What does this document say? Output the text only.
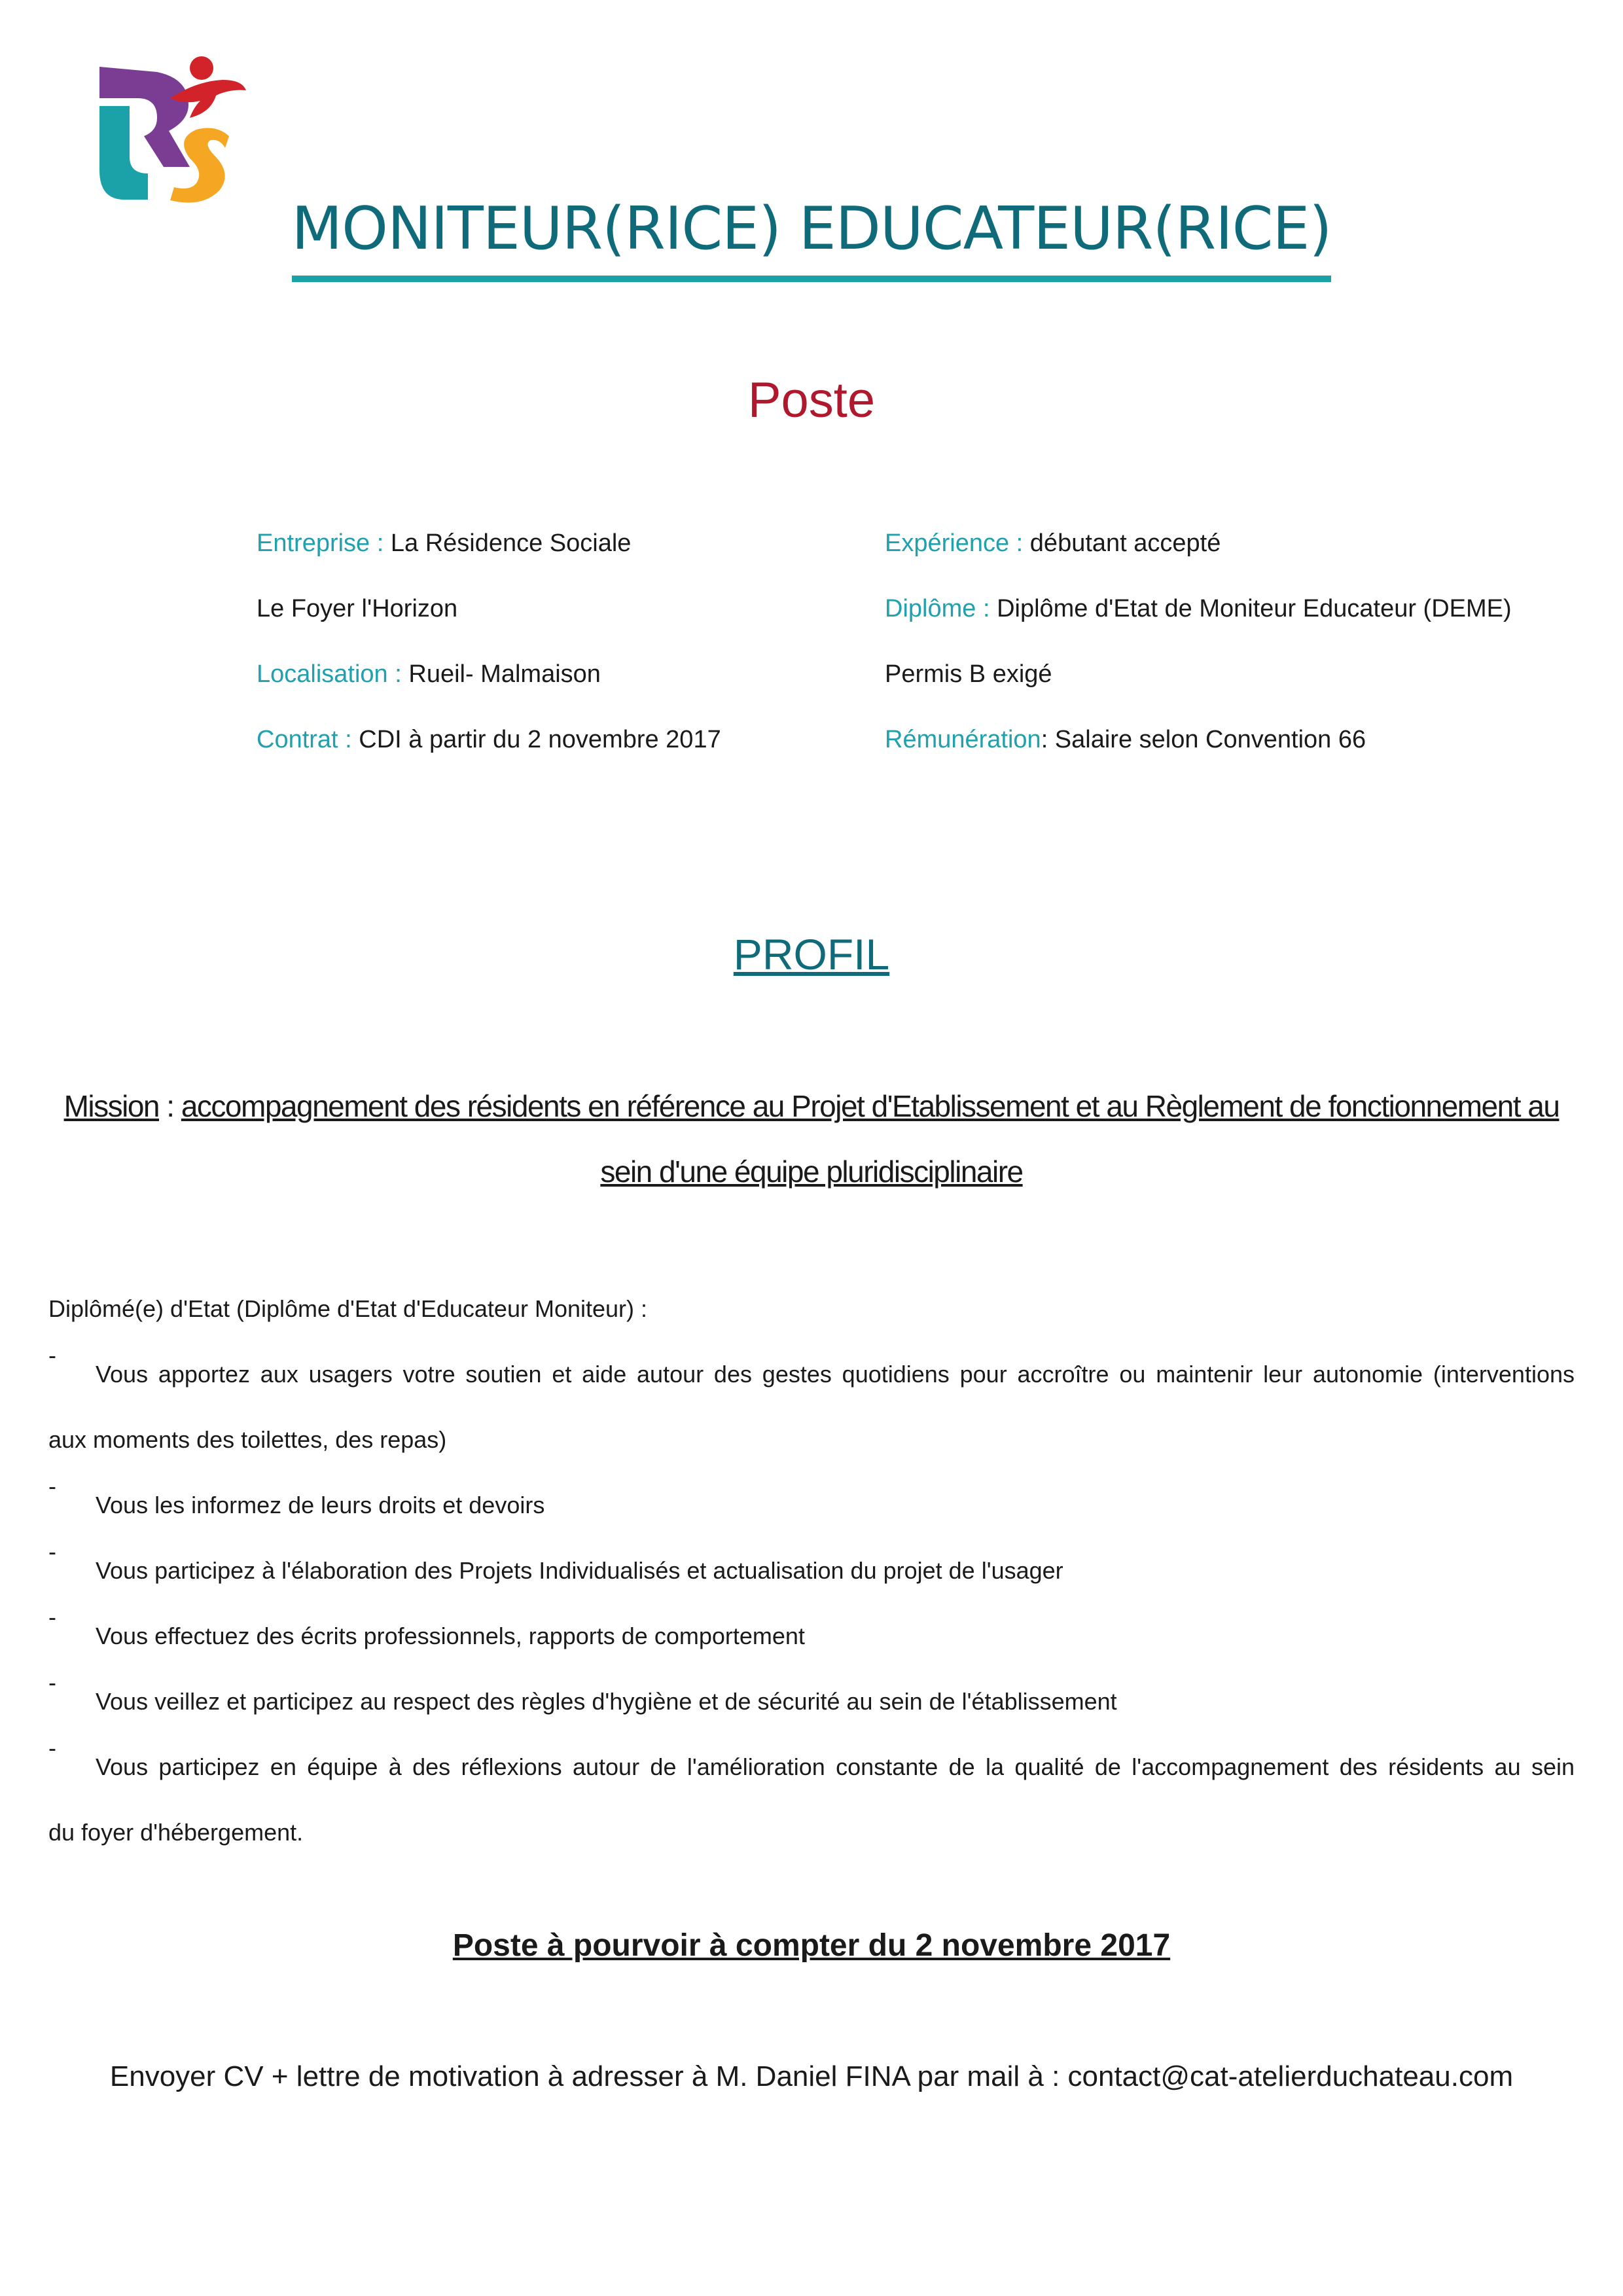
MONITEUR(RICE) EDUCATEUR(RICE)
Poste
Entreprise : La Résidence Sociale
Le Foyer l'Horizon
Localisation : Rueil- Malmaison
Contrat : CDI à partir du 2 novembre 2017
Expérience : débutant accepté
Diplôme : Diplôme d'Etat de Moniteur Educateur (DEME)
Permis B exigé
Rémunération: Salaire selon Convention 66
PROFIL
Mission : accompagnement des résidents en référence au Projet d'Etablissement et au Règlement de fonctionnement au sein d'une équipe pluridisciplinaire
Diplômé(e) d'Etat (Diplôme d'Etat d'Educateur Moniteur) :
-
Vous apportez aux usagers votre soutien et aide autour des gestes quotidiens pour accroître ou maintenir leur autonomie (interventions
aux moments des toilettes, des repas)
-
Vous les informez de leurs droits et devoirs
-
Vous participez à l'élaboration des Projets Individualisés et actualisation du projet de l'usager
-
Vous effectuez des écrits professionnels, rapports de comportement
-
Vous veillez et participez au respect des règles d'hygiène et de sécurité au sein de l'établissement
-
Vous participez en équipe à des réflexions autour de l'amélioration constante de la qualité de l'accompagnement des résidents au sein
du foyer d'hébergement.
Poste à pourvoir à compter du 2 novembre 2017
Envoyer CV + lettre de motivation à adresser à M. Daniel FINA par mail à : contact@cat-atelierduchateau.com
